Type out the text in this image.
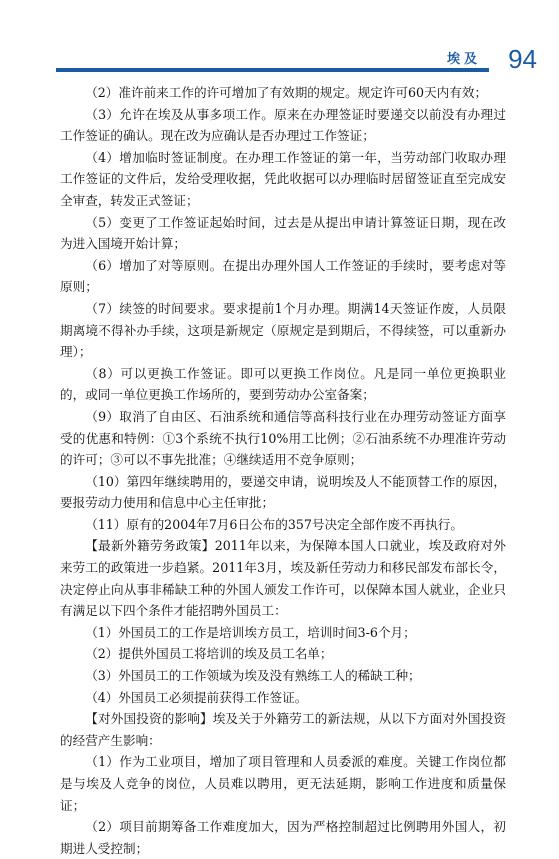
埃及 94

（2）准许前来工作的许可增加了有效期的规定。规定许可60天内有效；

（3）允许在埃及从事多项工作。原来在办理签证时要递交以前没有办理过工作签证的确认。现在改为应确认是否办理过工作签证；

（4）增加临时签证制度。在办理工作签证的第一年，当劳动部门收取办理工作签证的文件后，发给受理收据，凭此收据可以办理临时居留签证直至完成安全审查，转发正式签证；

（5）变更了工作签证起始时间，过去是从提出申请计算签证日期，现在改为进入国境开始计算；

（6）增加了对等原则。在提出办理外国人工作签证的手续时，要考虑对等原则；

（7）续签的时间要求。要求提前1个月办理。期满14天签证作废，人员限期离境不得补办手续，这项是新规定（原规定是到期后，不得续签，可以重新办理）；

（8）可以更换工作签证。即可以更换工作岗位。凡是同一单位更换职业的，或同一单位更换工作场所的，要到劳动办公室备案；

（9）取消了自由区、石油系统和通信等高科技行业在办理劳动签证方面享受的优惠和特例：①3个系统不执行10%用工比例；②石油系统不办理准许劳动的许可；③可以不事先批准；④继续适用不竞争原则；

（10）第四年继续聘用的，要递交申请，说明埃及人不能顶替工作的原因，要报劳动力使用和信息中心主任审批；

（11）原有的2004年7月6日公布的357号决定全部作废不再执行。

【最新外籍劳务政策】2011年以来，为保障本国人口就业，埃及政府对外来劳工的政策进一步趋紧。2011年3月，埃及新任劳动力和移民部发布部长令，决定停止向从事非稀缺工种的外国人颁发工作许可，以保障本国人就业，企业只有满足以下四个条件才能招聘外国员工：

（1）外国员工的工作是培训埃方员工，培训时间3-6个月；

（2）提供外国员工将培训的埃及员工名单；

（3）外国员工的工作领域为埃及没有熟练工人的稀缺工种；

（4）外国员工必须提前获得工作签证。

【对外国投资的影响】埃及关于外籍劳工的新法规，从以下方面对外国投资的经营产生影响：

（1）作为工业项目，增加了项目管理和人员委派的难度。关键工作岗位都是与埃及人竞争的岗位，人员难以聘用，更无法延期，影响工作进度和质量保证；

（2）项目前期筹备工作难度加大，因为严格控制超过比例聘用外国人，初期进人受控制；
